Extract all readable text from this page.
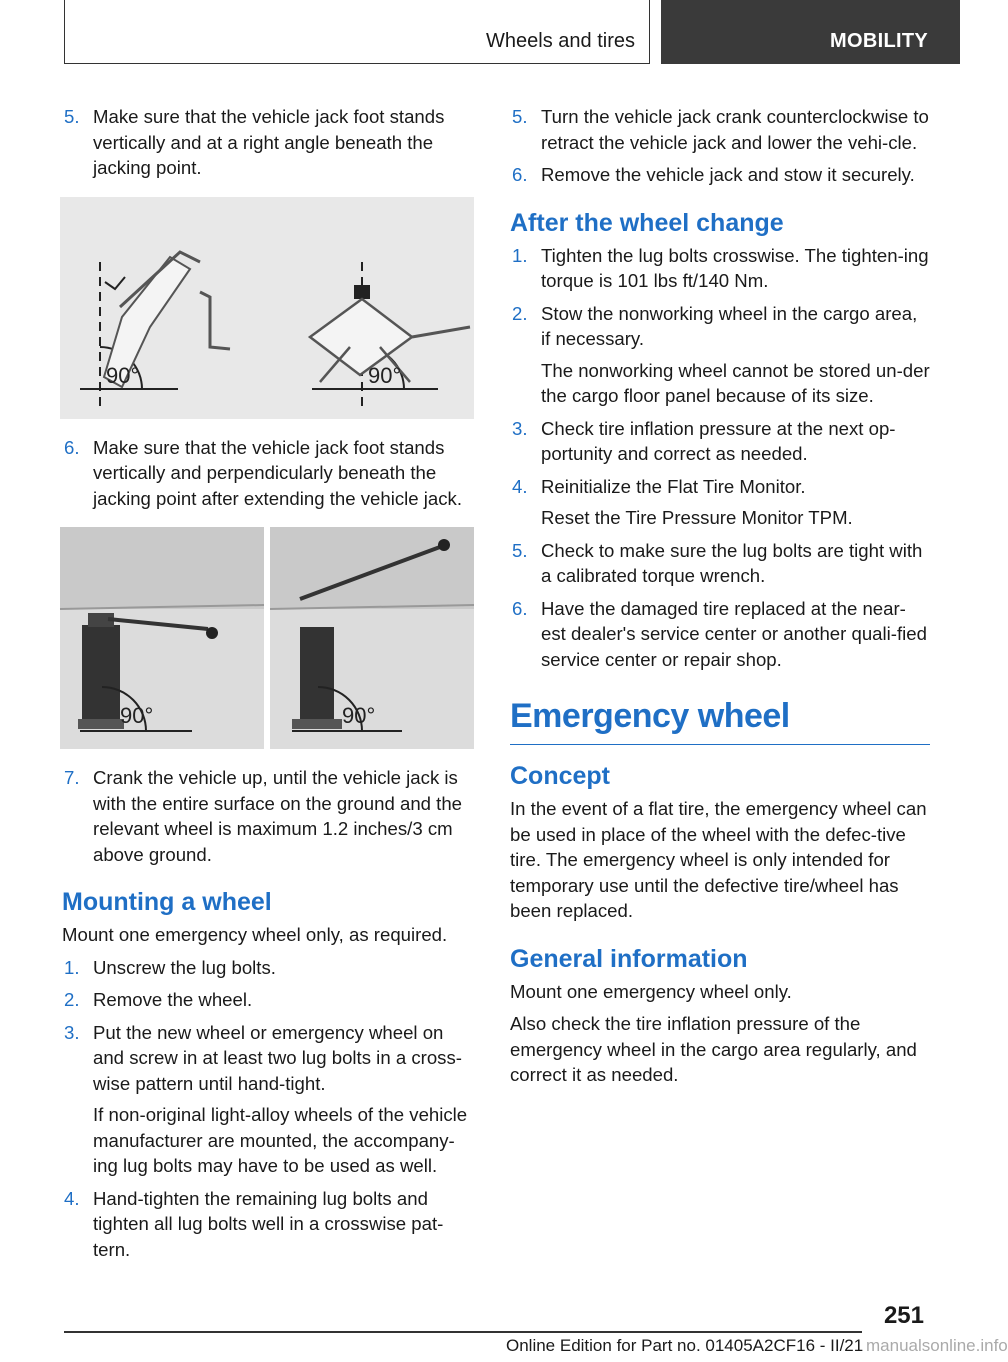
Wheels and tires	MOBILITY
5. Make sure that the vehicle jack foot stands vertically and at a right angle beneath the jacking point.

90°	90°
6. Make sure that the vehicle jack foot stands vertically and perpendicularly beneath the jacking point after extending the vehicle jack.

90°	90°
7. Crank the vehicle up, until the vehicle jack is with the entire surface on the ground and the relevant wheel is maximum 1.2 inches/3 cm above ground.

Mounting a wheel

Mount one emergency wheel only, as required.

1. Unscrew the lug bolts.

2. Remove the wheel.

3. Put the new wheel or emergency wheel on and screw in at least two lug bolts in a cross-wise pattern until hand-tight.

If non-original light-alloy wheels of the vehicle manufacturer are mounted, the accompany-ing lug bolts may have to be used as well.

4. Hand-tighten the remaining lug bolts and tighten all lug bolts well in a crosswise pat-tern.

5. Turn the vehicle jack crank counterclockwise to retract the vehicle jack and lower the vehi-cle.

6. Remove the vehicle jack and stow it securely.

After the wheel change
1. Tighten the lug bolts crosswise. The tighten-ing torque is 101 lbs ft/140 Nm.

2. Stow the nonworking wheel in the cargo area, if necessary.

The nonworking wheel cannot be stored un-der the cargo floor panel because of its size.

3. Check tire inflation pressure at the next op-portunity and correct as needed.

4. Reinitialize the Flat Tire Monitor.

Reset the Tire Pressure Monitor TPM.

5. Check to make sure the lug bolts are tight with a calibrated torque wrench.

6. Have the damaged tire replaced at the near-est dealer's service center or another quali-fied service center or repair shop.

Emergency wheel
Concept

In the event of a flat tire, the emergency wheel can be used in place of the wheel with the defec-tive tire. The emergency wheel is only intended for temporary use until the defective tire/wheel has been replaced.

General information

Mount one emergency wheel only.

Also check the tire inflation pressure of the emergency wheel in the cargo area regularly, and correct it as needed.

251
Online Edition for Part no. 01405A2CF16 - II/21 manualsonline.info
